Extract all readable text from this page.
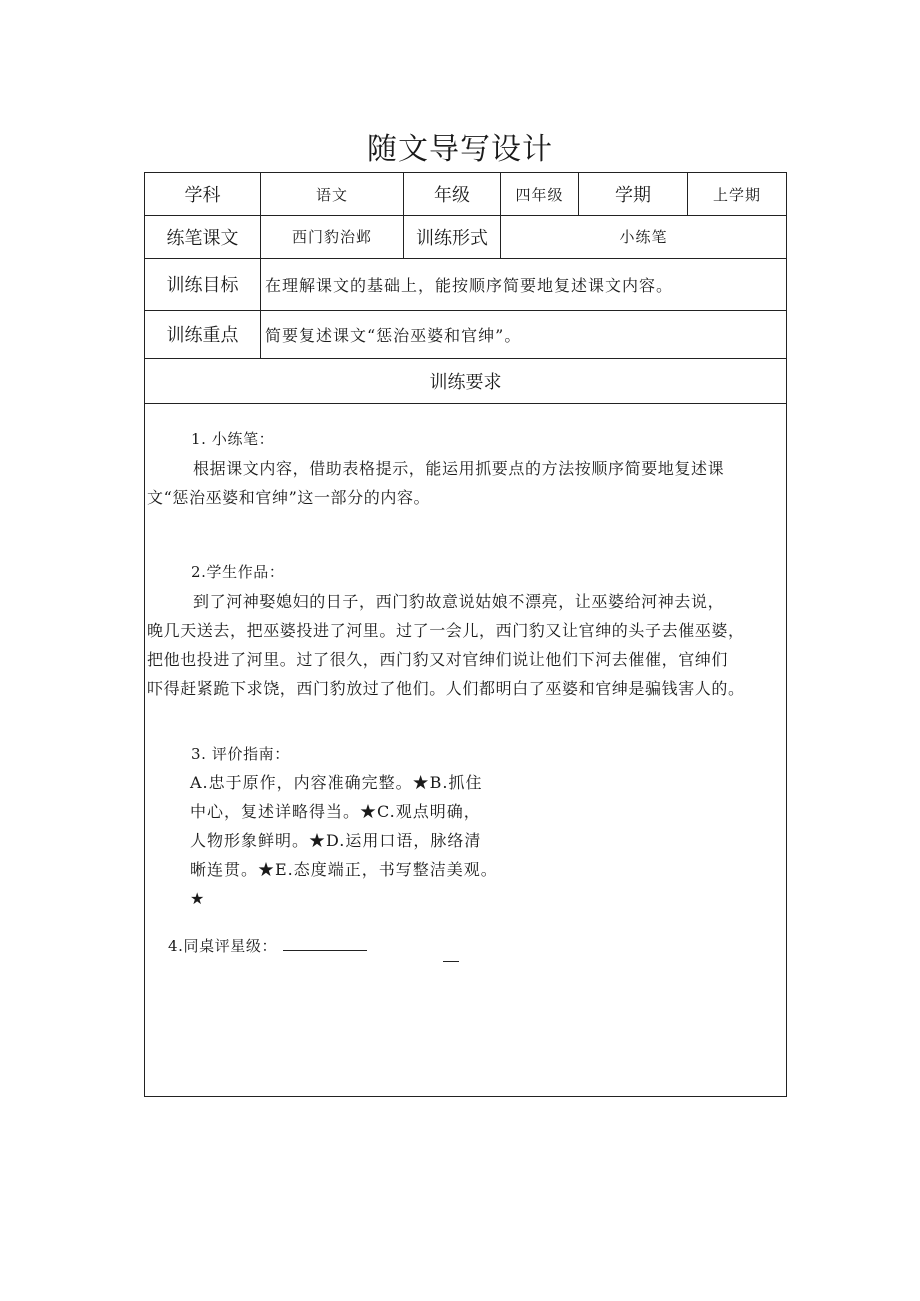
随文导写设计
学科	语文	年级	四年级	学期	上学期
练笔课文	西门豹治邺	训练形式	小练笔
训练目标	在理解课文的基础上，能按顺序简要地复述课文内容。
训练重点	简要复述课文“惩治巫婆和官绅”。
训练要求
1. 小练笔：
根据课文内容，借助表格提示，能运用抓要点的方法按顺序简要地复述课
文“惩治巫婆和官绅”这一部分的内容。
2.学生作品：
到了河神娶媳妇的日子，西门豹故意说姑娘不漂亮，让巫婆给河神去说，
晚几天送去，把巫婆投进了河里。过了一会儿，西门豹又让官绅的头子去催巫婆，
把他也投进了河里。过了很久，西门豹又对官绅们说让他们下河去催催，官绅们
吓得赶紧跪下求饶，西门豹放过了他们。人们都明白了巫婆和官绅是骗钱害人的。
3. 评价指南：
A.忠于原作，内容准确完整。★B.抓住
中心，复述详略得当。★C.观点明确，
人物形象鲜明。★D.运用口语，脉络清
晰连贯。★E.态度端正，书写整洁美观。
★
4.同桌评星级：
